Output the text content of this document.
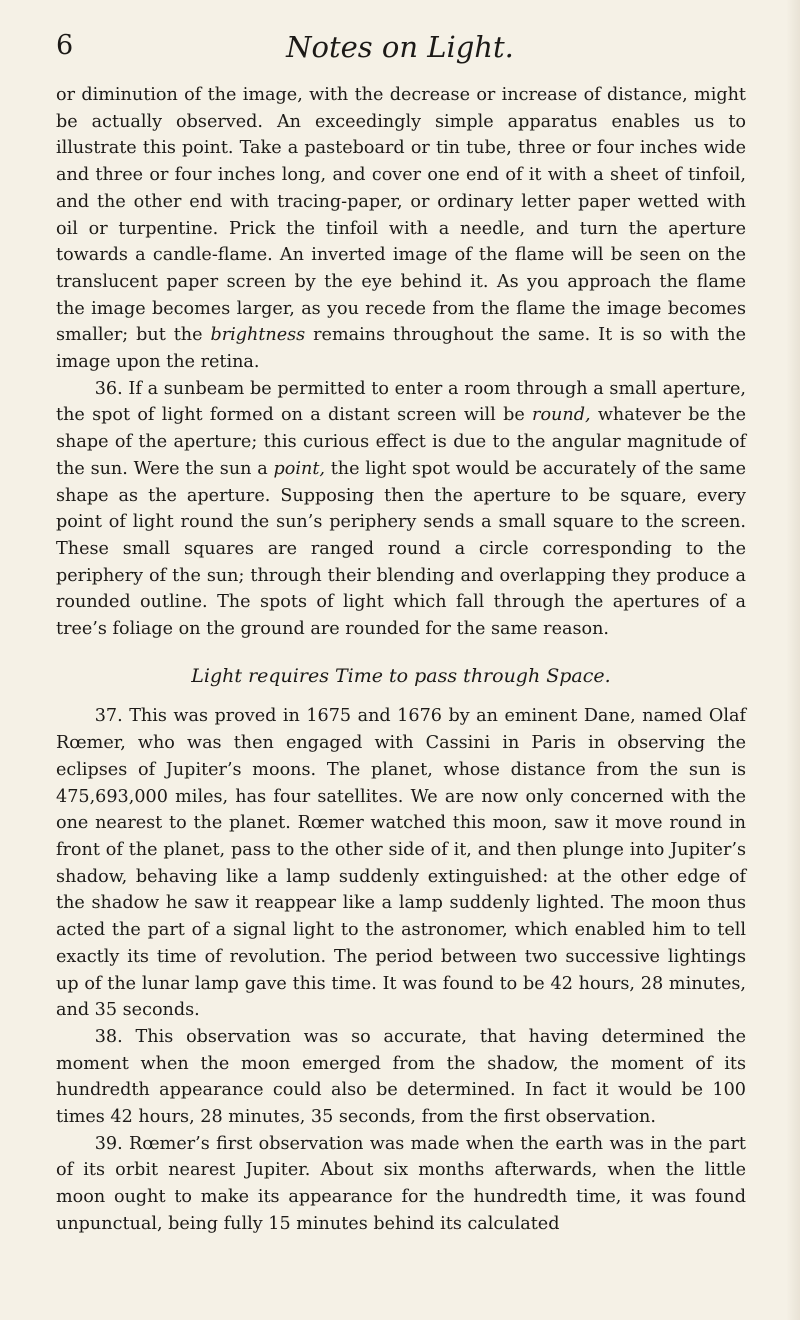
6	Notes on Light.

or diminution of the image, with the decrease or increase of distance, might be actually observed. An exceedingly simple apparatus enables us to illustrate this point. Take a pasteboard or tin tube, three or four inches wide and three or four inches long, and cover one end of it with a sheet of tinfoil, and the other end with tracing-paper, or ordinary letter paper wetted with oil or turpentine. Prick the tinfoil with a needle, and turn the aperture towards a candle-flame. An inverted image of the flame will be seen on the translucent paper screen by the eye behind it. As you approach the flame the image becomes larger, as you recede from the flame the image becomes smaller; but the brightness remains throughout the same. It is so with the image upon the retina.

36. If a sunbeam be permitted to enter a room through a small aperture, the spot of light formed on a distant screen will be round, whatever be the shape of the aperture; this curious effect is due to the angular magnitude of the sun. Were the sun a point, the light spot would be accurately of the same shape as the aperture. Supposing then the aperture to be square, every point of light round the sun’s periphery sends a small square to the screen. These small squares are ranged round a circle corresponding to the periphery of the sun; through their blending and overlapping they produce a rounded outline. The spots of light which fall through the apertures of a tree’s foliage on the ground are rounded for the same reason.

Light requires Time to pass through Space.

37. This was proved in 1675 and 1676 by an eminent Dane, named Olaf Rœmer, who was then engaged with Cassini in Paris in observing the eclipses of Jupiter’s moons. The planet, whose distance from the sun is 475,693,000 miles, has four satellites. We are now only concerned with the one nearest to the planet. Rœmer watched this moon, saw it move round in front of the planet, pass to the other side of it, and then plunge into Jupiter’s shadow, behaving like a lamp suddenly extinguished: at the other edge of the shadow he saw it reappear like a lamp suddenly lighted. The moon thus acted the part of a signal light to the astronomer, which enabled him to tell exactly its time of revolution. The period between two successive lightings up of the lunar lamp gave this time. It was found to be 42 hours, 28 minutes, and 35 seconds.

38. This observation was so accurate, that having determined the moment when the moon emerged from the shadow, the moment of its hundredth appearance could also be determined. In fact it would be 100 times 42 hours, 28 minutes, 35 seconds, from the first observation.

39. Rœmer’s first observation was made when the earth was in the part of its orbit nearest Jupiter. About six months afterwards, when the little moon ought to make its appearance for the hundredth time, it was found unpunctual, being fully 15 minutes behind its calculated
